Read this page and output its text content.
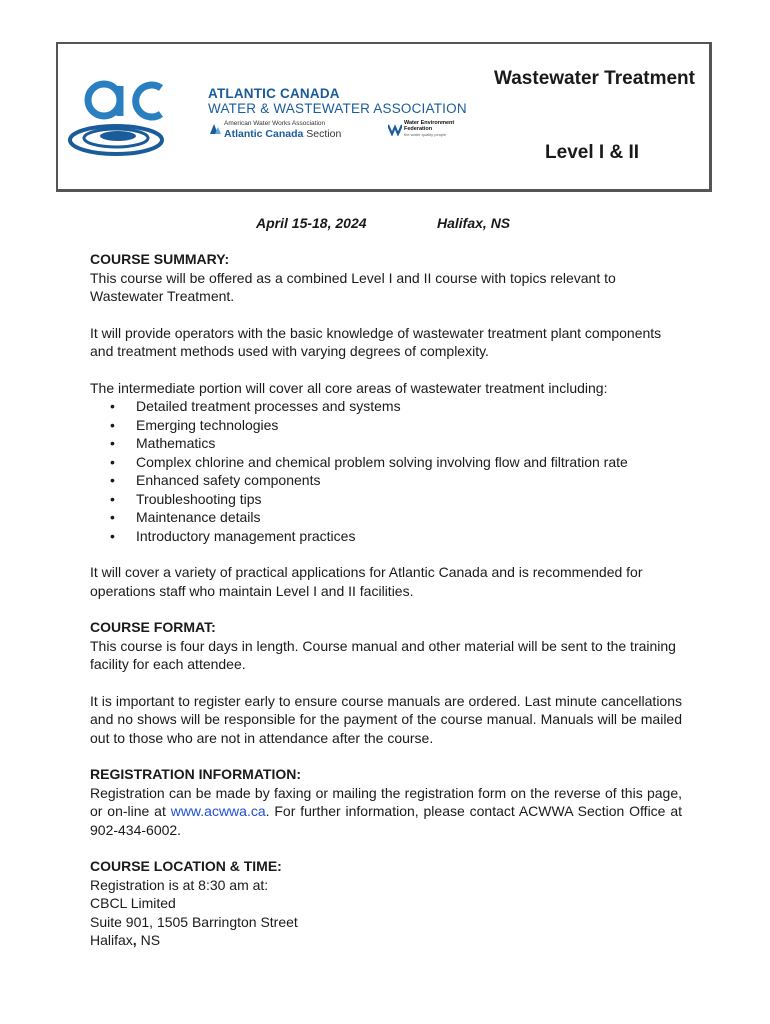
ATLANTIC CANADA
WATER & WASTEWATER ASSOCIATION
American Water Works Association
Atlantic Canada Section
Water Environment Federation
the water quality people
Wastewater Treatment
Level I & II
April 15-18, 2024	Halifax, NS
COURSE SUMMARY:

This course will be offered as a combined Level I and II course with topics relevant to Wastewater Treatment.

It will provide operators with the basic knowledge of wastewater treatment plant components and treatment methods used with varying degrees of complexity.

The intermediate portion will cover all core areas of wastewater treatment including:

• Detailed treatment processes and systems
• Emerging technologies
• Mathematics
• Complex chlorine and chemical problem solving involving flow and filtration rate
• Enhanced safety components
• Troubleshooting tips
• Maintenance details
• Introductory management practices

It will cover a variety of practical applications for Atlantic Canada and is recommended for operations staff who maintain Level I and II facilities.

COURSE FORMAT:

This course is four days in length. Course manual and other material will be sent to the training facility for each attendee.

It is important to register early to ensure course manuals are ordered. Last minute cancellations and no shows will be responsible for the payment of the course manual. Manuals will be mailed out to those who are not in attendance after the course.

REGISTRATION INFORMATION:

Registration can be made by faxing or mailing the registration form on the reverse of this page, or on-line at www.acwwa.ca. For further information, please contact ACWWA Section Office at 902-434-6002.

COURSE LOCATION & TIME:
Registration is at 8:30 am at:
CBCL Limited
Suite 901, 1505 Barrington Street
Halifax, NS
